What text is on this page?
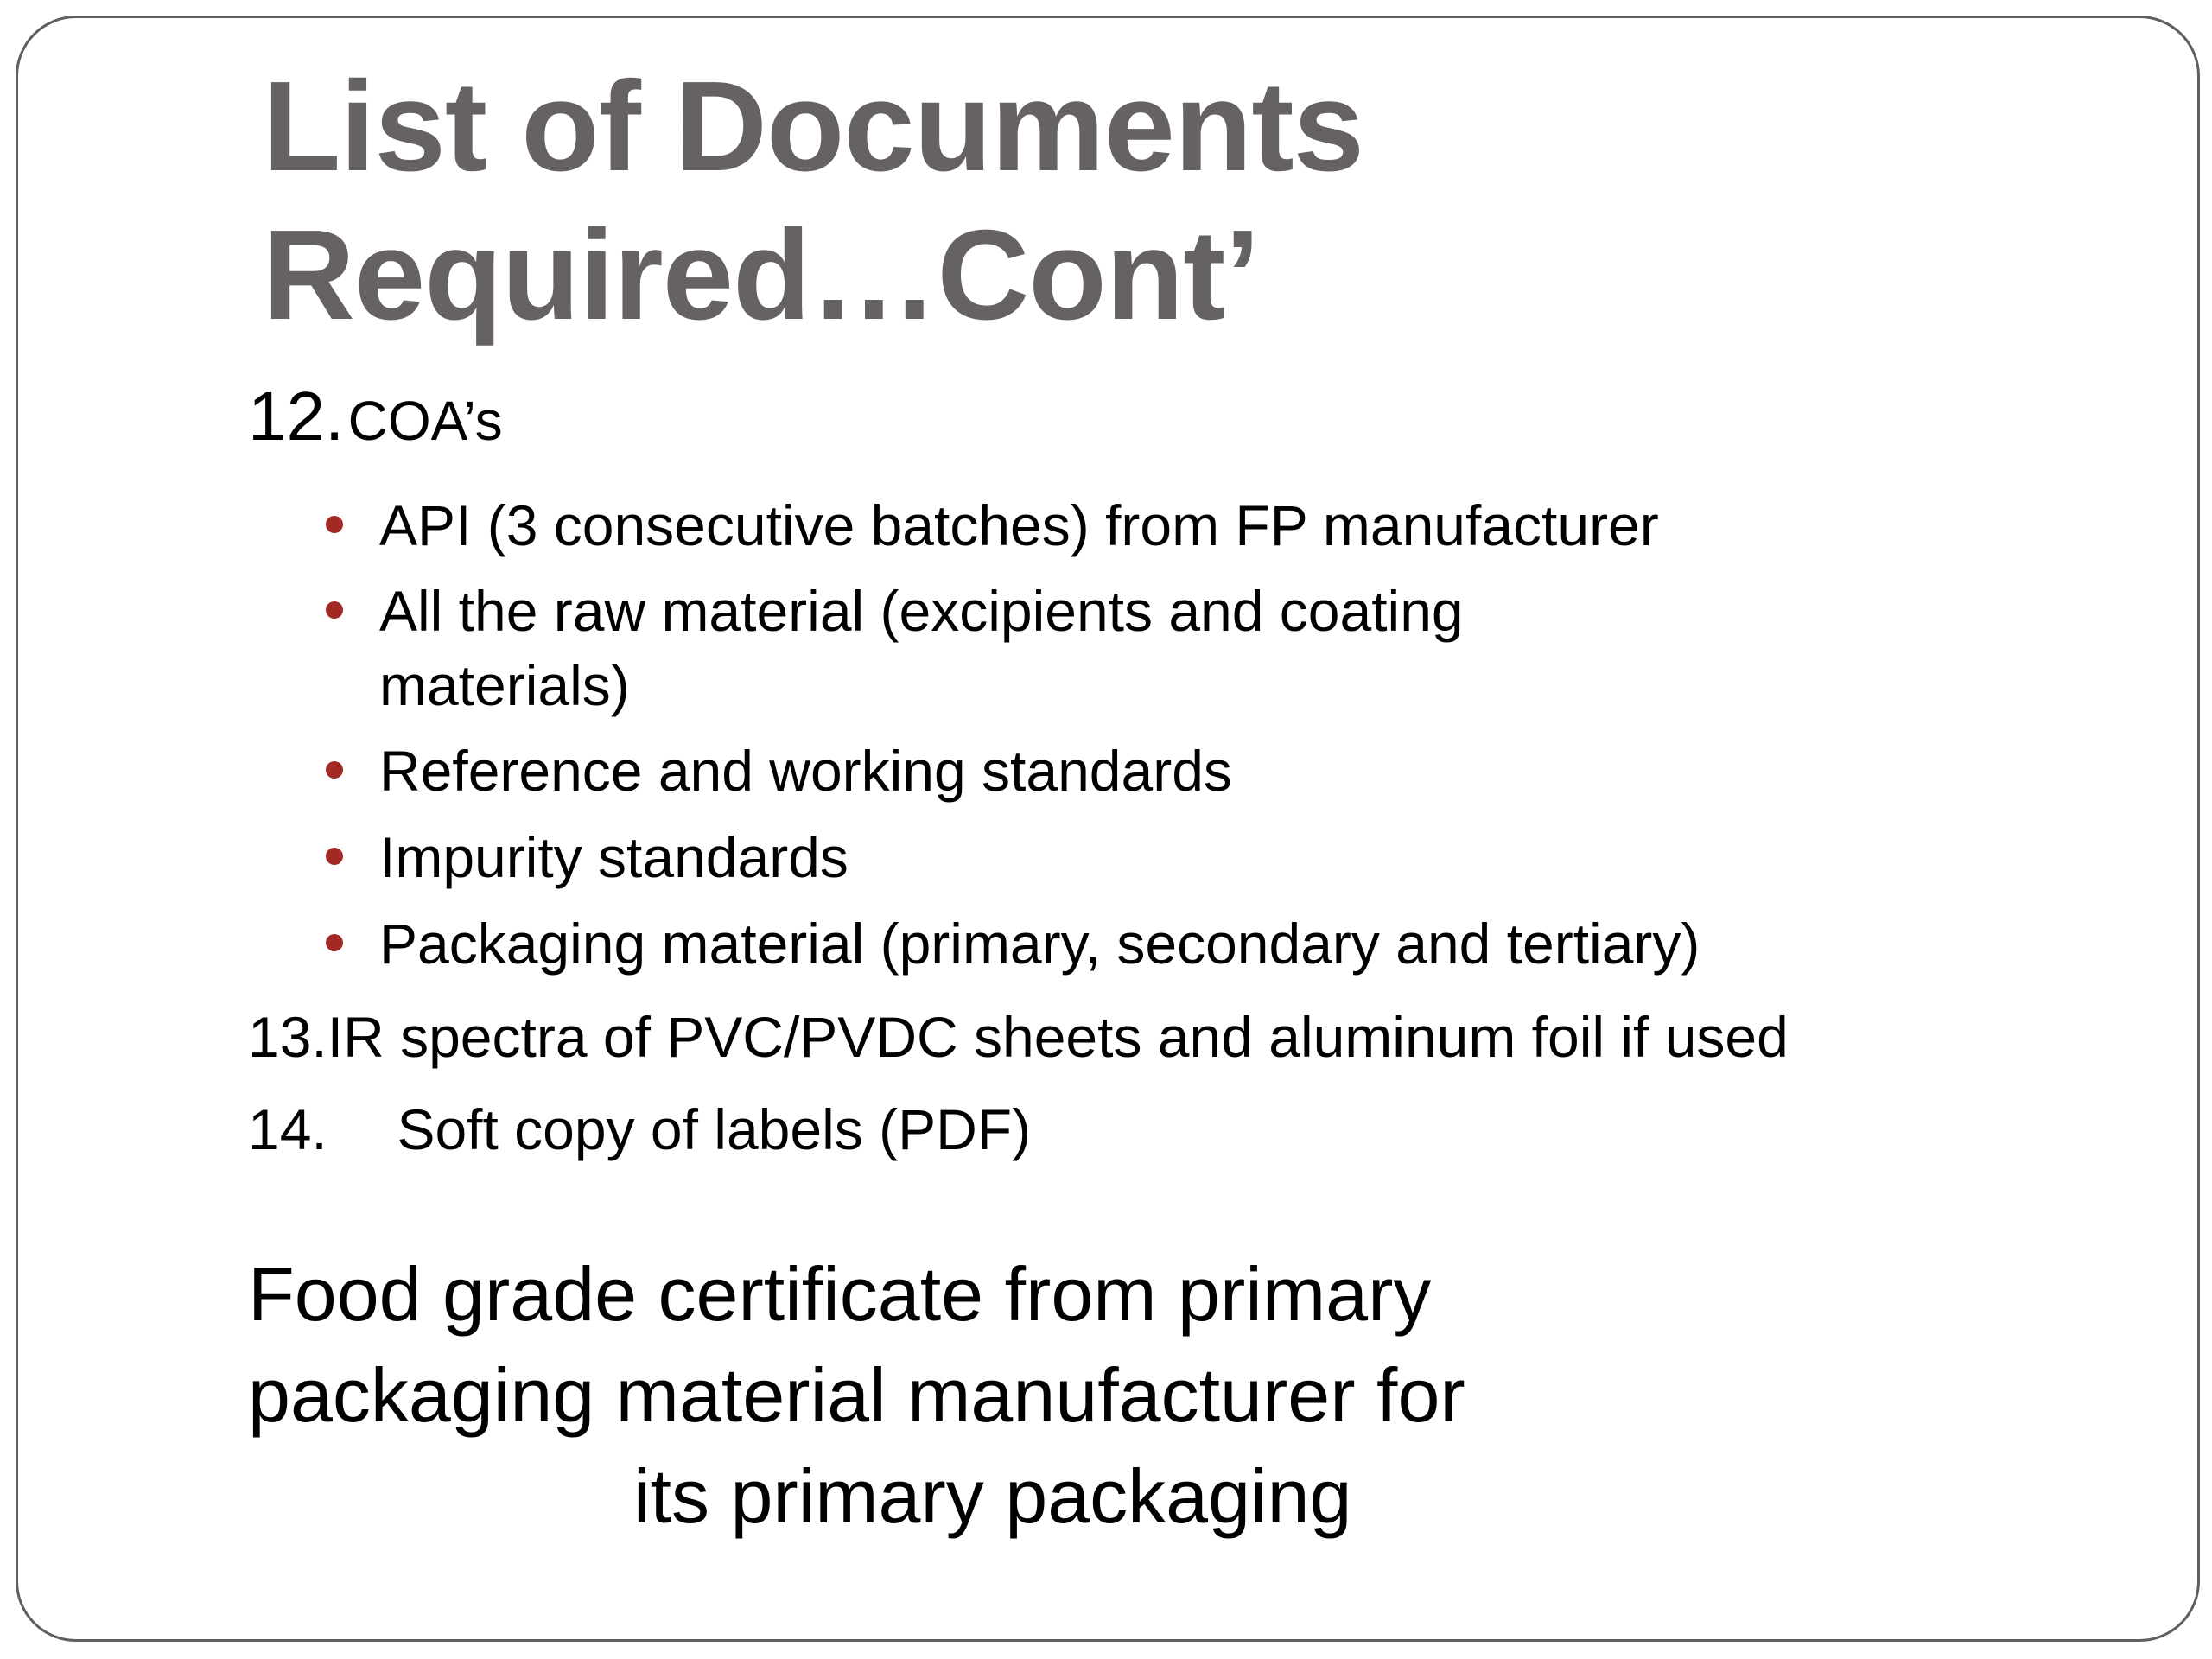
List of Documents
Required…Cont’

12. COA’s

API (3 consecutive batches) from FP manufacturer

All the raw material (excipients and coating
materials)

Reference and working standards

Impurity standards

Packaging material (primary, secondary and tertiary)

13.IR spectra of PVC/PVDC sheets and aluminum foil if used

14. Soft copy of labels (PDF)

Food grade certificate from primary

packaging material manufacturer for

its primary packaging
